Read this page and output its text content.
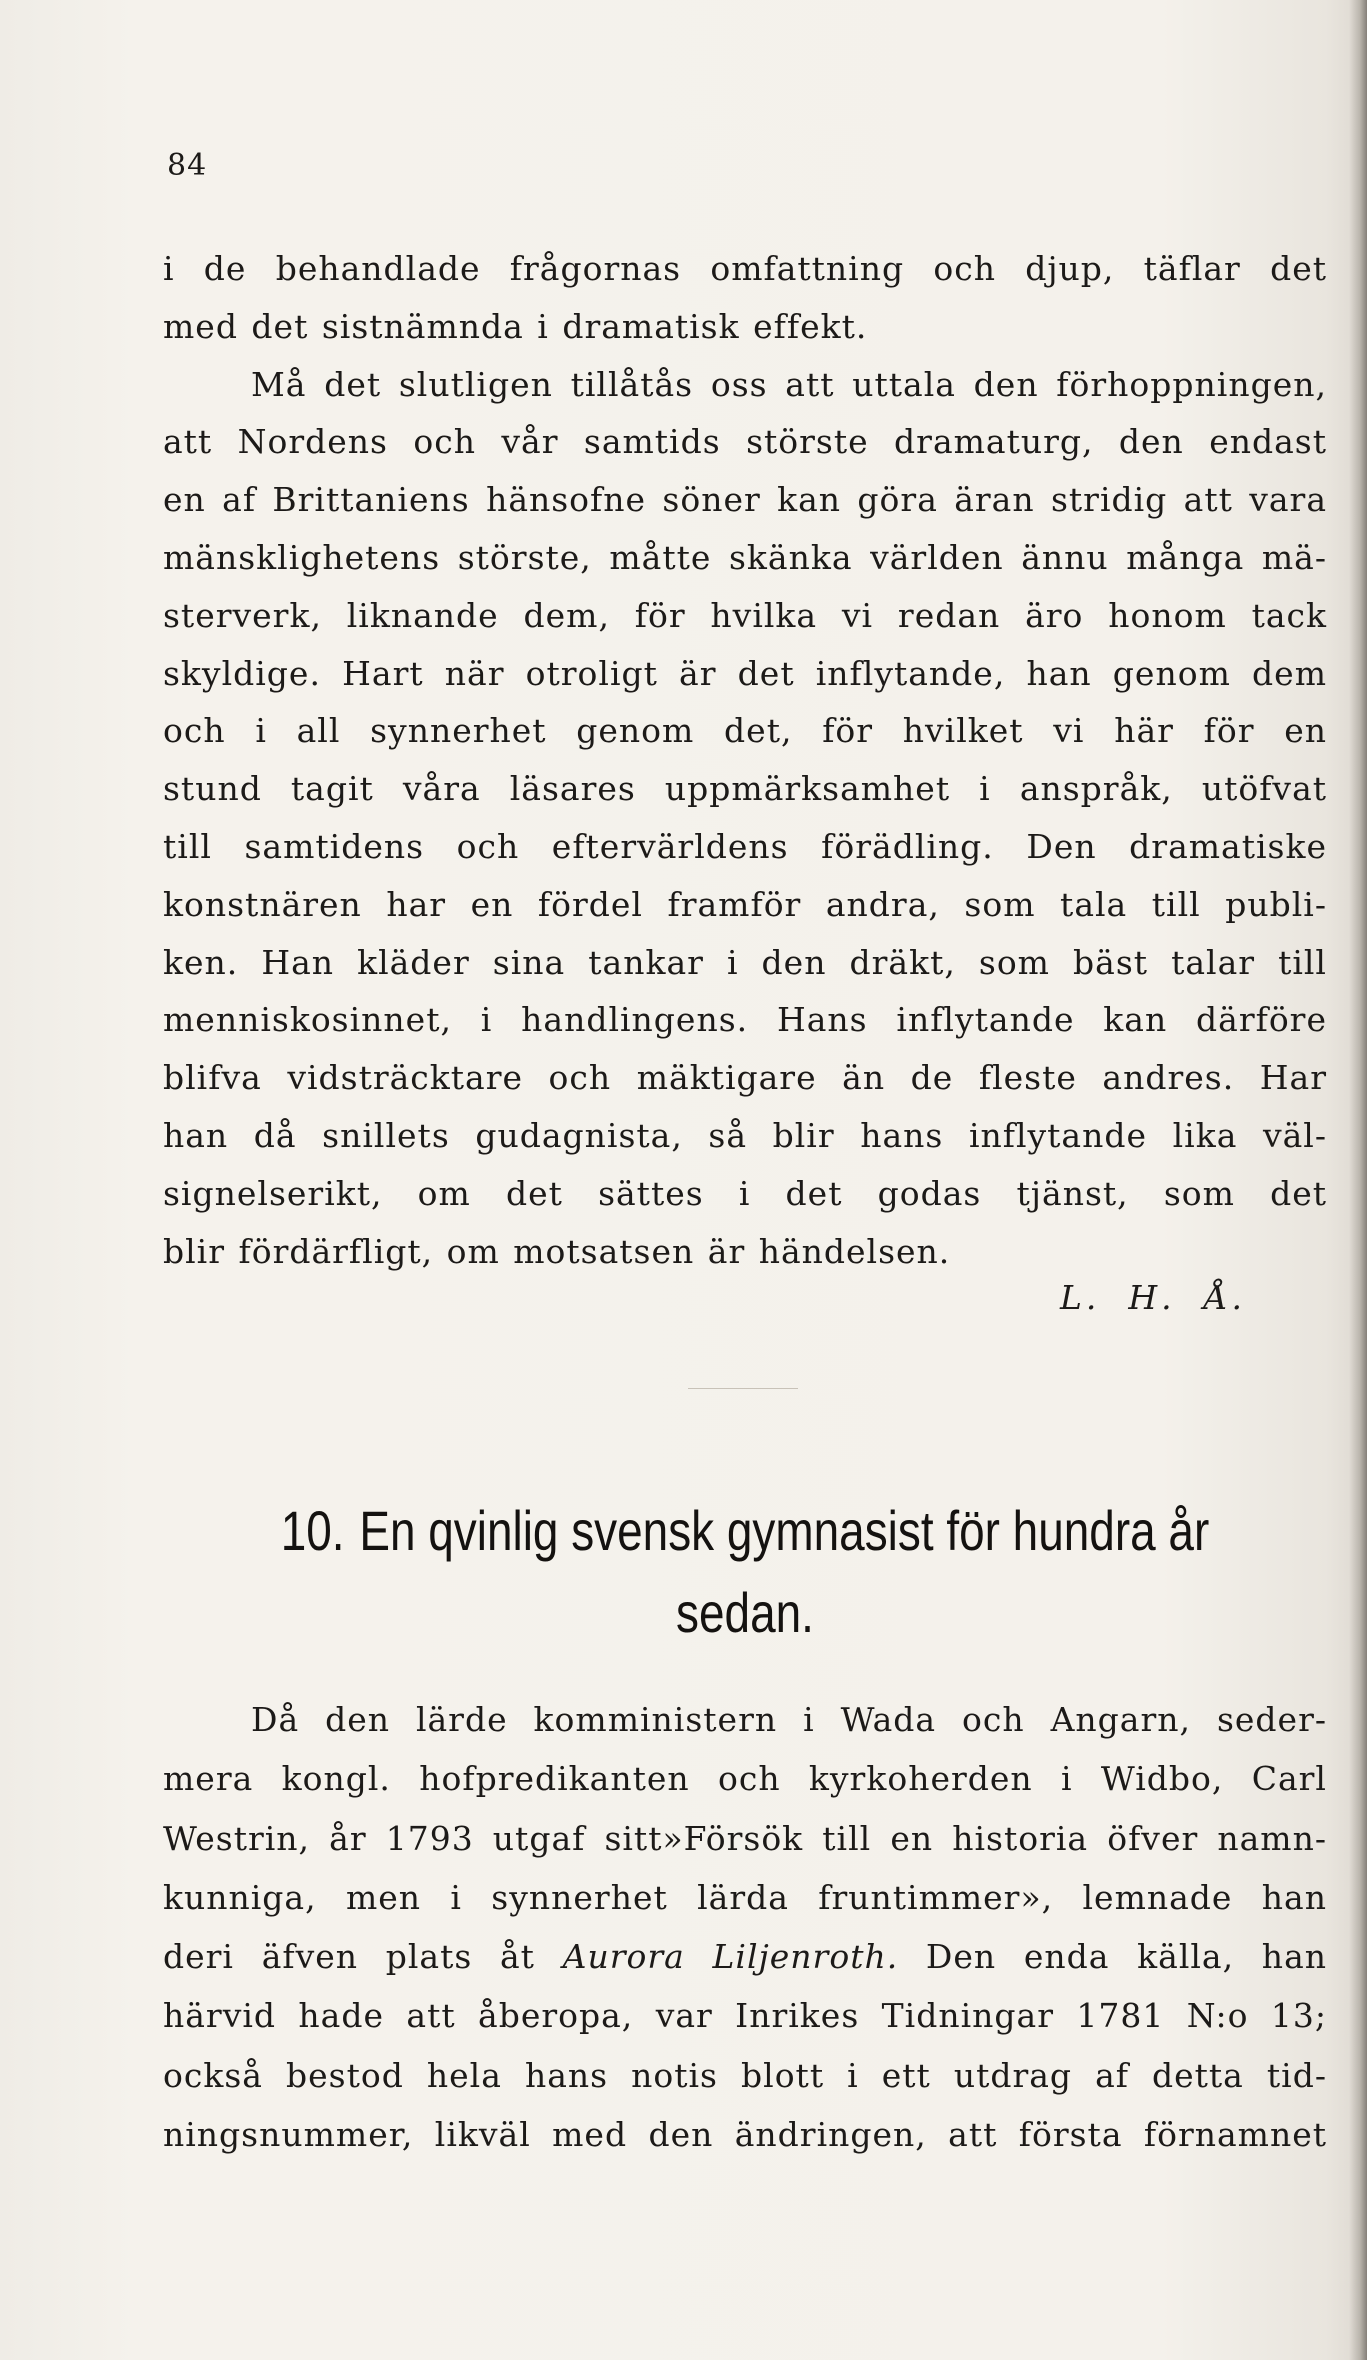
84
i de behandlade frågornas omfattning och djup, täflar det
med det sistnämnda i dramatisk effekt.
Må det slutligen tillåtås oss att uttala den förhoppningen,
att Nordens och vår samtids störste dramaturg, den endast
en af Brittaniens hänsofne söner kan göra äran stridig att vara
mänsklighetens störste, måtte skänka världen ännu många mä-
sterverk, liknande dem, för hvilka vi redan äro honom tack
skyldige. Hart när otroligt är det inflytande, han genom dem
och i all synnerhet genom det, för hvilket vi här för en
stund tagit våra läsares uppmärksamhet i anspråk, utöfvat
till samtidens och eftervärldens förädling. Den dramatiske
konstnären har en fördel framför andra, som tala till publi-
ken. Han kläder sina tankar i den dräkt, som bäst talar till
menniskosinnet, i handlingens. Hans inflytande kan därföre
blifva vidsträcktare och mäktigare än de fleste andres. Har
han då snillets gudagnista, så blir hans inflytande lika väl-
signelserikt, om det sättes i det godas tjänst, som det
blir fördärfligt, om motsatsen är händelsen.
L. H. Å.
10. En qvinlig svensk gymnasist för hundra år
sedan.
Då den lärde komministern i Wada och Angarn, seder-
mera kongl. hofpredikanten och kyrkoherden i Widbo, Carl
Westrin, år 1793 utgaf sitt»Försök till en historia öfver namn-
kunniga, men i synnerhet lärda fruntimmer», lemnade han
deri äfven plats åt Aurora Liljenroth. Den enda källa, han
härvid hade att åberopa, var Inrikes Tidningar 1781 N:o 13;
också bestod hela hans notis blott i ett utdrag af detta tid-
ningsnummer, likväl med den ändringen, att första förnamnet
